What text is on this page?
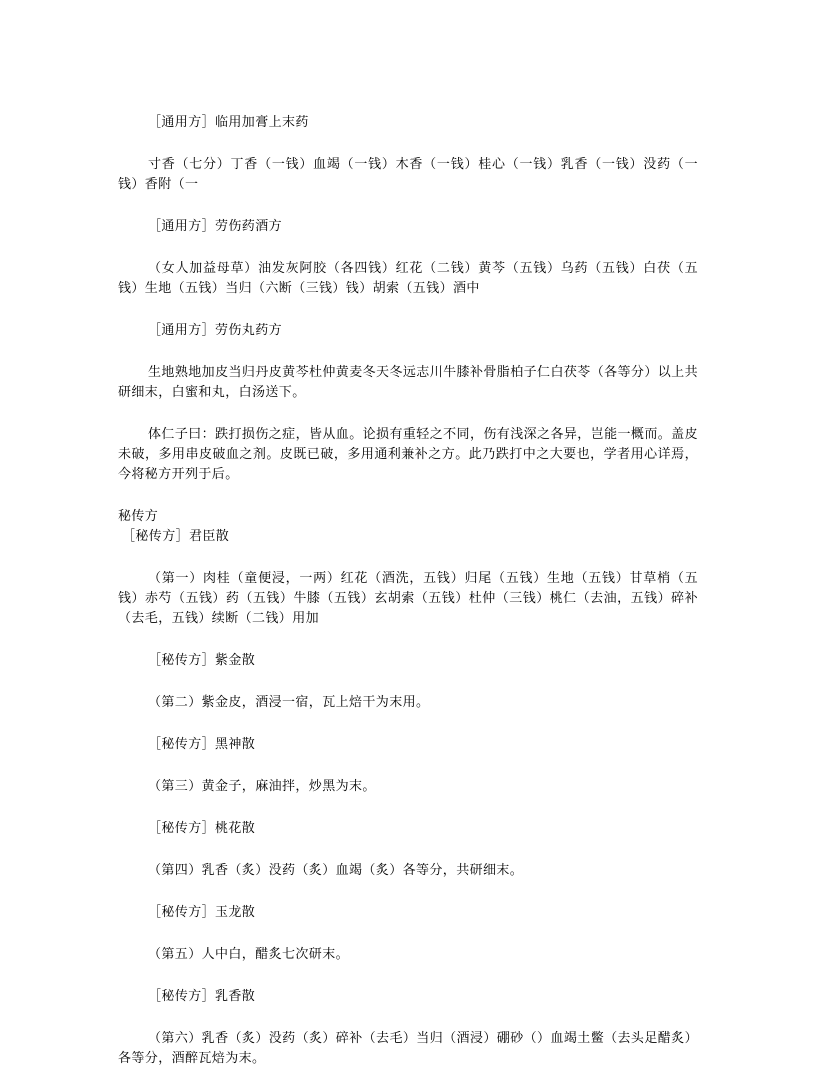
［通用方］临用加膏上末药

寸香（七分）丁香（一钱）血竭（一钱）木香（一钱）桂心（一钱）乳香（一钱）没药（一钱）香附（一

［通用方］劳伤药酒方

（女人加益母草）油发灰阿胶（各四钱）红花（二钱）黄芩（五钱）乌药（五钱）白茯（五钱）生地（五钱）当归（六断（三钱）钱）胡索（五钱）酒中

［通用方］劳伤丸药方

生地熟地加皮当归丹皮黄芩杜仲黄麦冬天冬远志川牛膝补骨脂柏子仁白茯苓（各等分）以上共研细末，白蜜和丸，白汤送下。

体仁子曰：跌打损伤之症，皆从血。论损有重轻之不同，伤有浅深之各异，岂能一概而。盖皮未破，多用串皮破血之剂。皮既已破，多用通利兼补之方。此乃跌打中之大要也，学者用心详焉，今将秘方开列于后。

秘传方

［秘传方］君臣散

（第一）肉桂（童便浸，一两）红花（酒洗，五钱）归尾（五钱）生地（五钱）甘草梢（五钱）赤芍（五钱）药（五钱）牛膝（五钱）玄胡索（五钱）杜仲（三钱）桃仁（去油，五钱）碎补（去毛，五钱）续断（二钱）用加

［秘传方］紫金散

（第二）紫金皮，酒浸一宿，瓦上焙干为末用。

［秘传方］黑神散

（第三）黄金子，麻油拌，炒黑为末。

［秘传方］桃花散

（第四）乳香（炙）没药（炙）血竭（炙）各等分，共研细末。

［秘传方］玉龙散

（第五）人中白，醋炙七次研末。

［秘传方］乳香散

（第六）乳香（炙）没药（炙）碎补（去毛）当归（酒浸）硼砂（）血竭土鳖（去头足醋炙）各等分，酒醉瓦焙为末。
